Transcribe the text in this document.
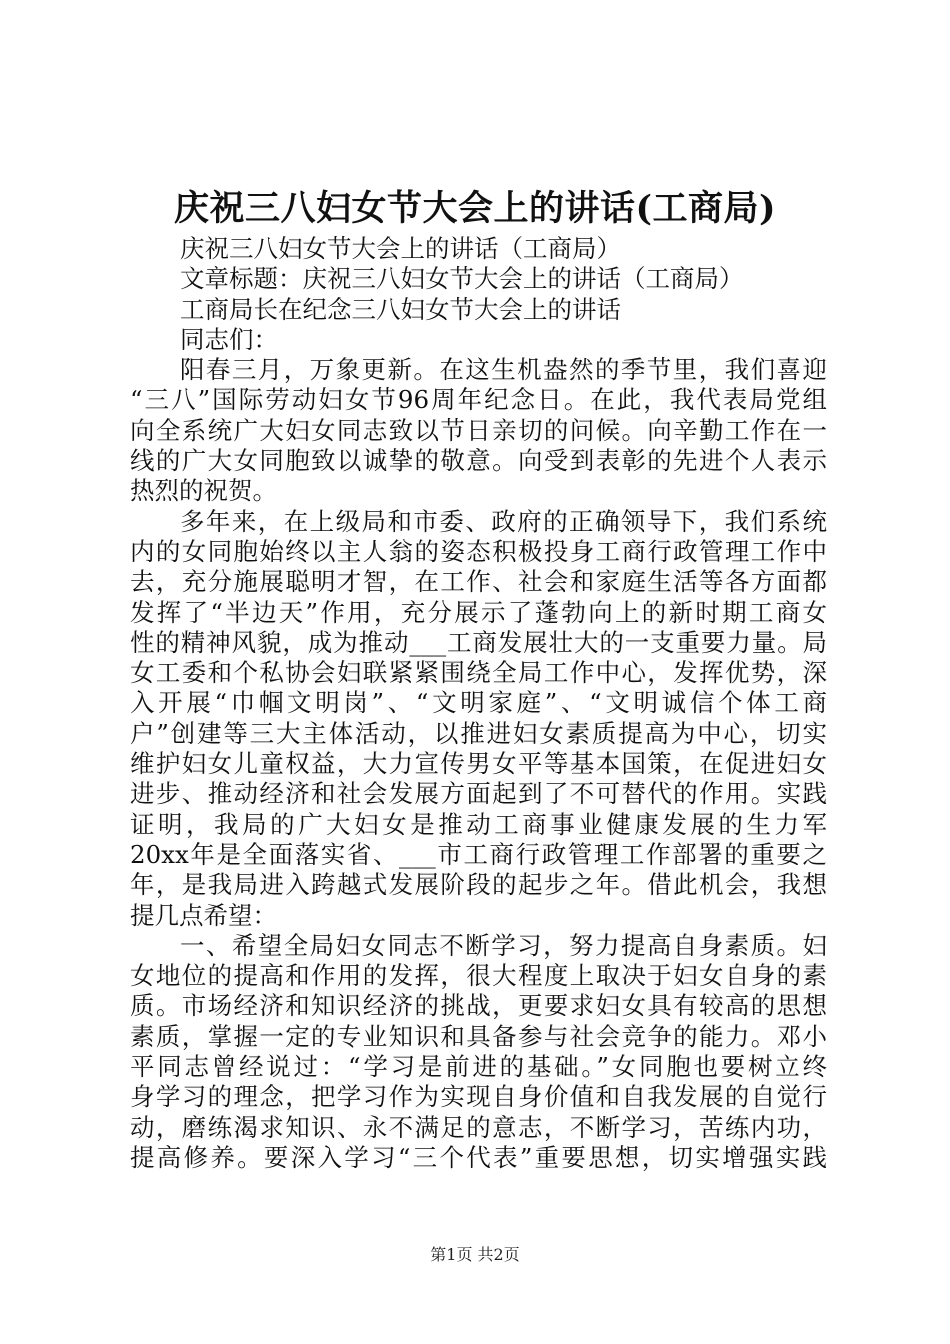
庆祝三八妇女节大会上的讲话(工商局)
庆祝三八妇女节大会上的讲话（工商局）
文章标题：庆祝三八妇女节大会上的讲话（工商局）
工商局长在纪念三八妇女节大会上的讲话
同志们：
阳春三月，万象更新。在这生机盎然的季节里，我们喜迎
“三八”国际劳动妇女节96周年纪念日。在此，我代表局党组
向全系统广大妇女同志致以节日亲切的问候。向辛勤工作在一
线的广大女同胞致以诚挚的敬意。向受到表彰的先进个人表示
热烈的祝贺。
多年来，在上级局和市委、政府的正确领导下，我们系统
内的女同胞始终以主人翁的姿态积极投身工商行政管理工作中
去，充分施展聪明才智，在工作、社会和家庭生活等各方面都
发挥了“半边天”作用，充分展示了蓬勃向上的新时期工商女
性的精神风貌，成为推动___工商发展壮大的一支重要力量。局
女工委和个私协会妇联紧紧围绕全局工作中心，发挥优势，深
入开展“巾帼文明岗”、“文明家庭”、“文明诚信个体工商
户”创建等三大主体活动，以推进妇女素质提高为中心，切实
维护妇女儿童权益，大力宣传男女平等基本国策，在促进妇女
进步、推动经济和社会发展方面起到了不可替代的作用。实践
证明，我局的广大妇女是推动工商事业健康发展的生力军
20xx年是全面落实省、___市工商行政管理工作部署的重要之
年，是我局进入跨越式发展阶段的起步之年。借此机会，我想
提几点希望：
一、希望全局妇女同志不断学习，努力提高自身素质。妇
女地位的提高和作用的发挥，很大程度上取决于妇女自身的素
质。市场经济和知识经济的挑战，更要求妇女具有较高的思想
素质，掌握一定的专业知识和具备参与社会竞争的能力。邓小
平同志曾经说过：“学习是前进的基础。”女同胞也要树立终
身学习的理念，把学习作为实现自身价值和自我发展的自觉行
动，磨练渴求知识、永不满足的意志，不断学习，苦练内功，
提高修养。要深入学习“三个代表”重要思想，切实增强实践
第1页 共2页
